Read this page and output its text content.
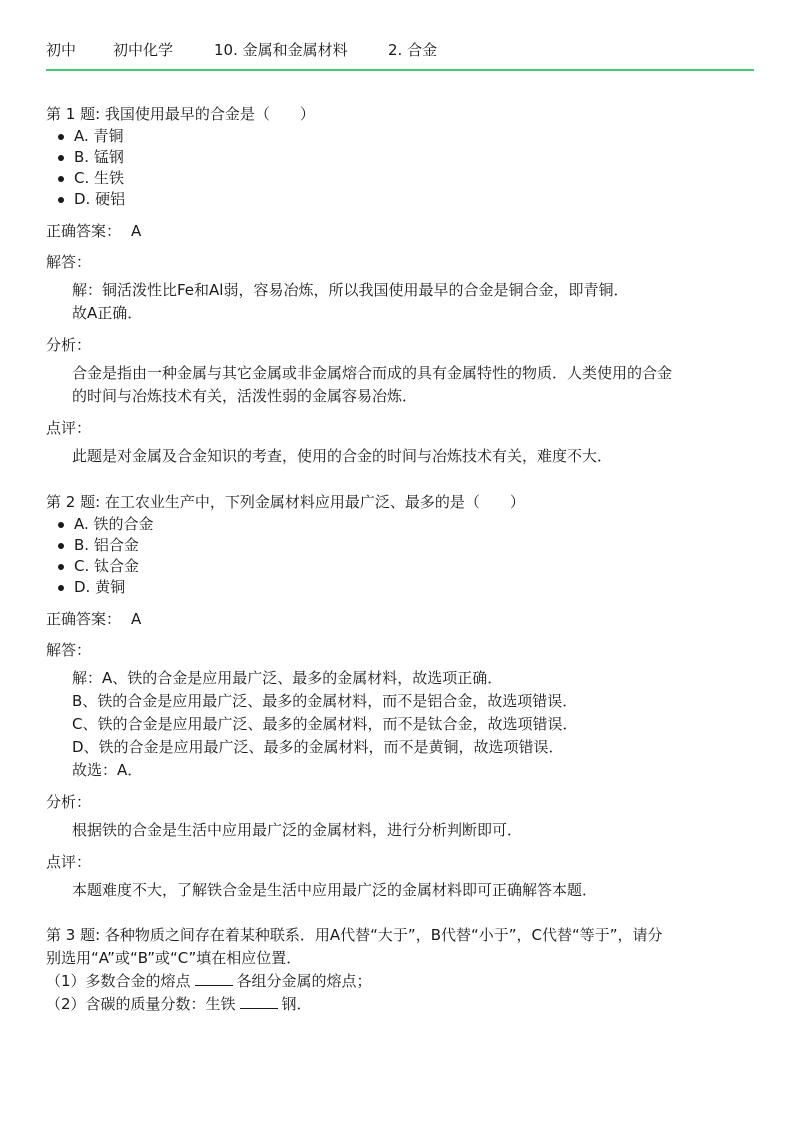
初中	初中化学	10. 金属和金属材料	2. 合金

第 1 题: 我国使用最早的合金是（　　）

A. 青铜
B. 锰钢
C. 生铁
D. 硬铝
正确答案： A
解答：

解：铜活泼性比Fe和Al弱，容易冶炼，所以我国使用最早的合金是铜合金，即青铜．

故A正确．

分析：

合金是指由一种金属与其它金属或非金属熔合而成的具有金属特性的物质．人类使用的合金

的时间与冶炼技术有关，活泼性弱的金属容易冶炼．

点评：

此题是对金属及合金知识的考查，使用的合金的时间与冶炼技术有关，难度不大．

第 2 题: 在工农业生产中，下列金属材料应用最广泛、最多的是（　　）

A. 铁的合金
B. 铝合金
C. 钛合金
D. 黄铜
正确答案： A
解答：

解：A、铁的合金是应用最广泛、最多的金属材料，故选项正确．

B、铁的合金是应用最广泛、最多的金属材料，而不是铝合金，故选项错误．

C、铁的合金是应用最广泛、最多的金属材料，而不是钛合金，故选项错误．

D、铁的合金是应用最广泛、最多的金属材料，而不是黄铜，故选项错误．

故选：A．

分析：

根据铁的合金是生活中应用最广泛的金属材料，进行分析判断即可．

点评：

本题难度不大，了解铁合金是生活中应用最广泛的金属材料即可正确解答本题．

第 3 题: 各种物质之间存在着某种联系．用A代替“大于”，B代替“小于”，C代替“等于”，请分

别选用“A”或“B”或“C”填在相应位置．

（1）多数合金的熔点	各组分金属的熔点；
（2）含碳的质量分数：生铁	钢．
